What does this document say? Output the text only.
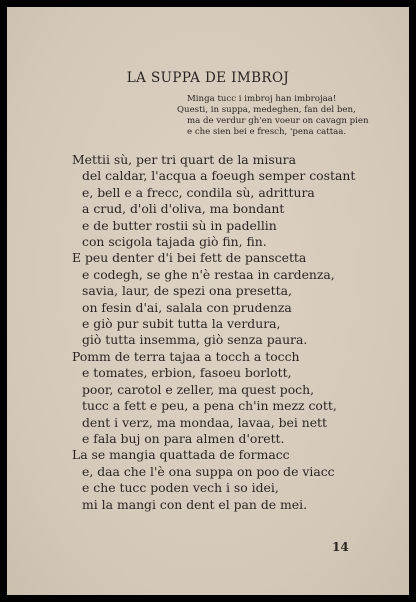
LA SUPPA DE IMBROJ
Minga tucc i imbroj han imbrojaa!
Questi, in suppa, medeghen, fan del ben,
ma de verdur gh'en voeur on cavagn pien
e che sien bei e fresch, 'pena cattaa.
Mettii sù, per tri quart de la misura
del caldar, l'acqua a foeugh semper costant
e, bell e a frecc, condila sù, adrittura
a crud, d'oli d'oliva, ma bondant
e de butter rostii sù in padellin
con scigola tajada giò fin, fin.
E peu denter d'i bei fett de panscetta
e codegh, se ghe n'è restaa in cardenza,
savia, laur, de spezi ona presetta,
on fesin d'ai, salala con prudenza
e giò pur subit tutta la verdura,
giò tutta insemma, giò senza paura.
Pomm de terra tajaa a tocch a tocch
e tomates, erbion, fasoeu borlott,
poor, carotol e zeller, ma quest poch,
tucc a fett e peu, a pena ch'in mezz cott,
dent i verz, ma mondaa, lavaa, bei nett
e fala buj on para almen d'orett.
La se mangia quattada de formacc
e, daa che l'è ona suppa on poo de viacc
e che tucc poden vech i so idei,
mi la mangi con dent el pan de mei.
14
